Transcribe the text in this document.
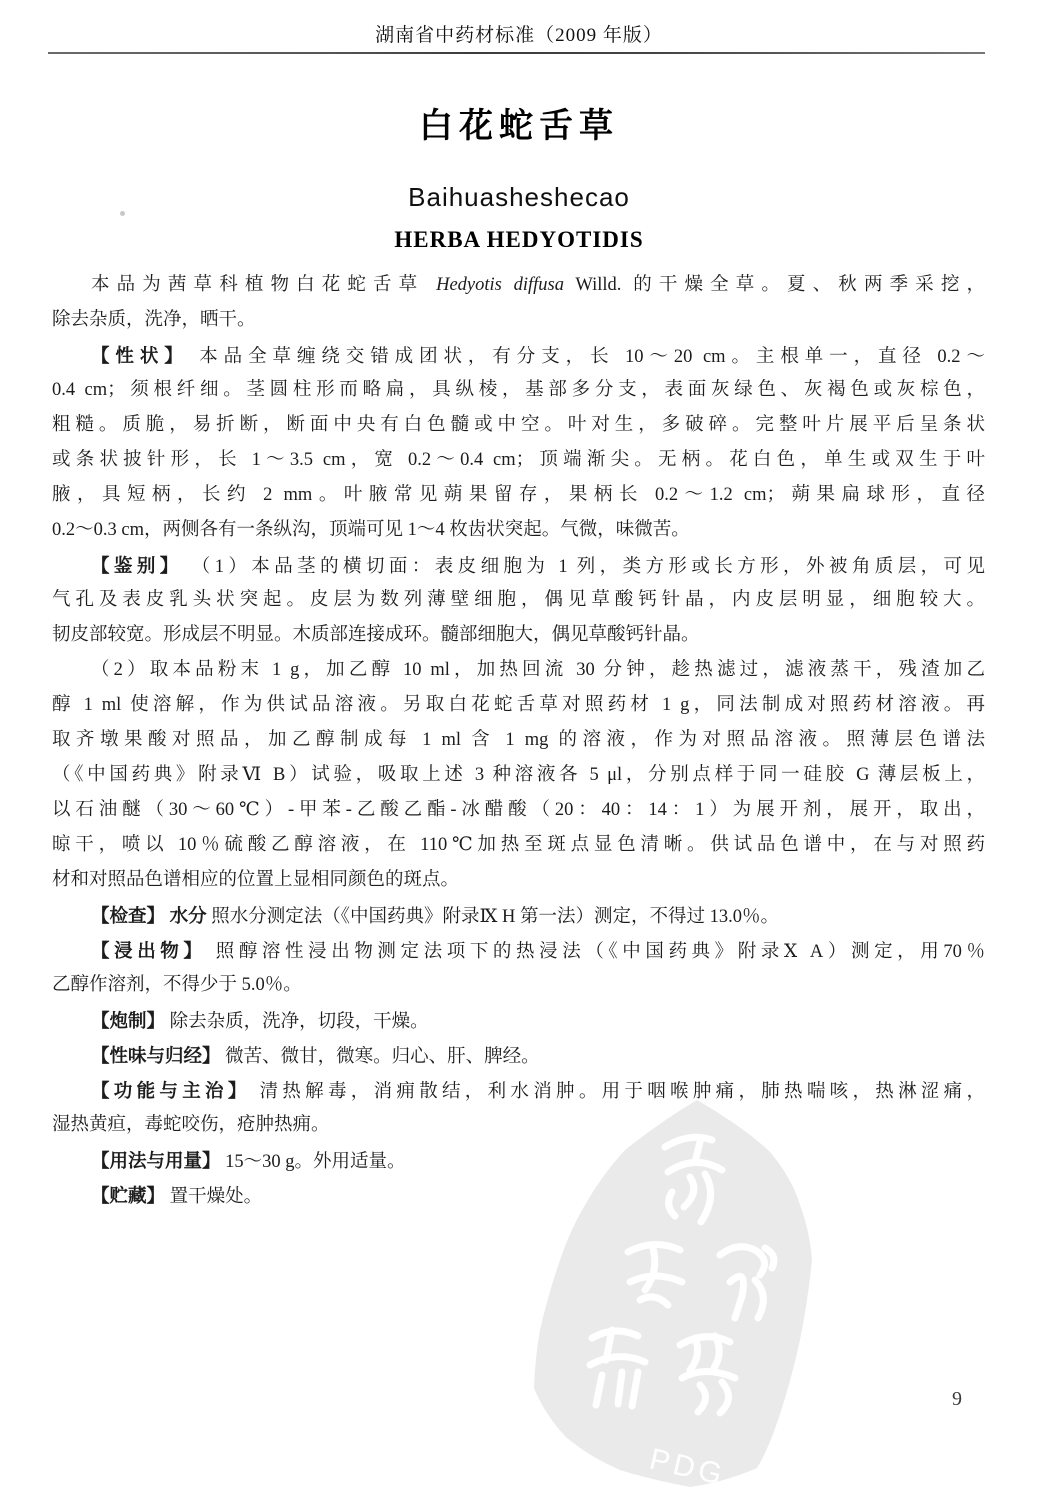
湖南省中药材标准（2009 年版）
白花蛇舌草
Baihuasheshecao
HERBA HEDYOTIDIS
本品为茜草科植物白花蛇舌草 Hedyotis diffusa Willd. 的干燥全草。夏、秋两季采挖，
除去杂质，洗净，晒干。
【性状】 本品全草缠绕交错成团状，有分支，长 10～20 cm。主根单一，直径 0.2～
0.4 cm；须根纤细。茎圆柱形而略扁，具纵棱，基部多分支，表面灰绿色、灰褐色或灰棕色，
粗糙。质脆，易折断，断面中央有白色髓或中空。叶对生，多破碎。完整叶片展平后呈条状
或条状披针形，长 1～3.5 cm，宽 0.2～0.4 cm；顶端渐尖。无柄。花白色，单生或双生于叶
腋，具短柄，长约 2 mm。叶腋常见蒴果留存，果柄长 0.2～1.2 cm；蒴果扁球形，直径
0.2～0.3 cm，两侧各有一条纵沟，顶端可见 1～4 枚齿状突起。气微，味微苦。
【鉴别】 （1）本品茎的横切面：表皮细胞为 1 列，类方形或长方形，外被角质层，可见
气孔及表皮乳头状突起。皮层为数列薄壁细胞，偶见草酸钙针晶，内皮层明显，细胞较大。
韧皮部较宽。形成层不明显。木质部连接成环。髓部细胞大，偶见草酸钙针晶。
（2）取本品粉末 1 g，加乙醇 10 ml，加热回流 30 分钟，趁热滤过，滤液蒸干，残渣加乙
醇 1 ml 使溶解，作为供试品溶液。另取白花蛇舌草对照药材 1 g，同法制成对照药材溶液。再
取齐墩果酸对照品，加乙醇制成每 1 ml 含 1 mg 的溶液，作为对照品溶液。照薄层色谱法
（《中国药典》附录Ⅵ B）试验，吸取上述 3 种溶液各 5 μl，分别点样于同一硅胶 G 薄层板上，
以石油醚（30～60℃）-甲苯-乙酸乙酯-冰醋酸（20：40：14：1）为展开剂，展开，取出，
晾干，喷以 10％硫酸乙醇溶液，在 110℃加热至斑点显色清晰。供试品色谱中，在与对照药
材和对照品色谱相应的位置上显相同颜色的斑点。
【检查】 水分 照水分测定法（《中国药典》附录Ⅸ H 第一法）测定，不得过 13.0％。
【浸出物】 照醇溶性浸出物测定法项下的热浸法（《中国药典》附录Ⅹ A）测定，用70％
乙醇作溶剂，不得少于 5.0％。
【炮制】 除去杂质，洗净，切段，干燥。
【性味与归经】 微苦、微甘，微寒。归心、肝、脾经。
【功能与主治】 清热解毒，消痈散结，利水消肿。用于咽喉肿痛，肺热喘咳，热淋涩痛，
湿热黄疸，毒蛇咬伤，疮肿热痈。
【用法与用量】 15～30 g。外用适量。
【贮藏】 置干燥处。
PDG
9
